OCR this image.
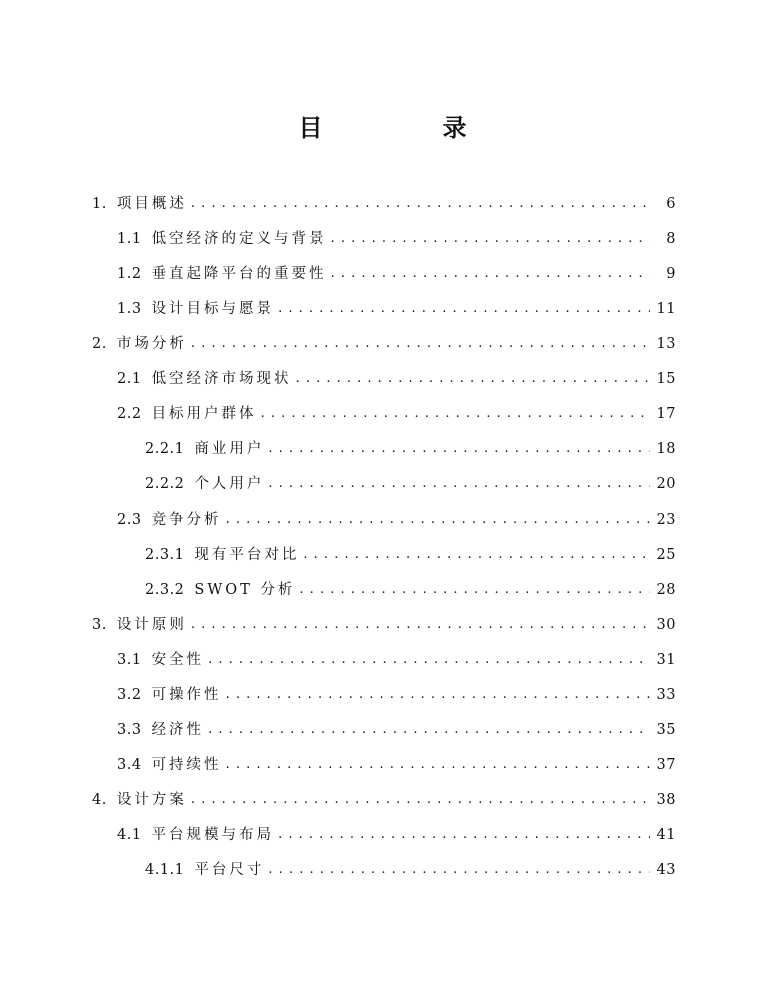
目　录
1. 项目概述 . . .	6
1.1 低空经济的定义与背景 . . .	8
1.2 垂直起降平台的重要性 . . .	9
1.3 设计目标与愿景 . . .	11
2. 市场分析 . . .	13
2.1 低空经济市场现状 . . .	15
2.2 目标用户群体 . . .	17
2.2.1 商业用户 . . .	18
2.2.2 个人用户 . . .	20
2.3 竞争分析 . . .	23
2.3.1 现有平台对比 . . .	25
2.3.2 SWOT 分析 . . .	28
3. 设计原则 . . .	30
3.1 安全性 . . .	31
3.2 可操作性 . . .	33
3.3 经济性 . . .	35
3.4 可持续性 . . .	37
4. 设计方案 . . .	38
4.1 平台规模与布局 . . .	41
4.1.1 平台尺寸 . . .	43
